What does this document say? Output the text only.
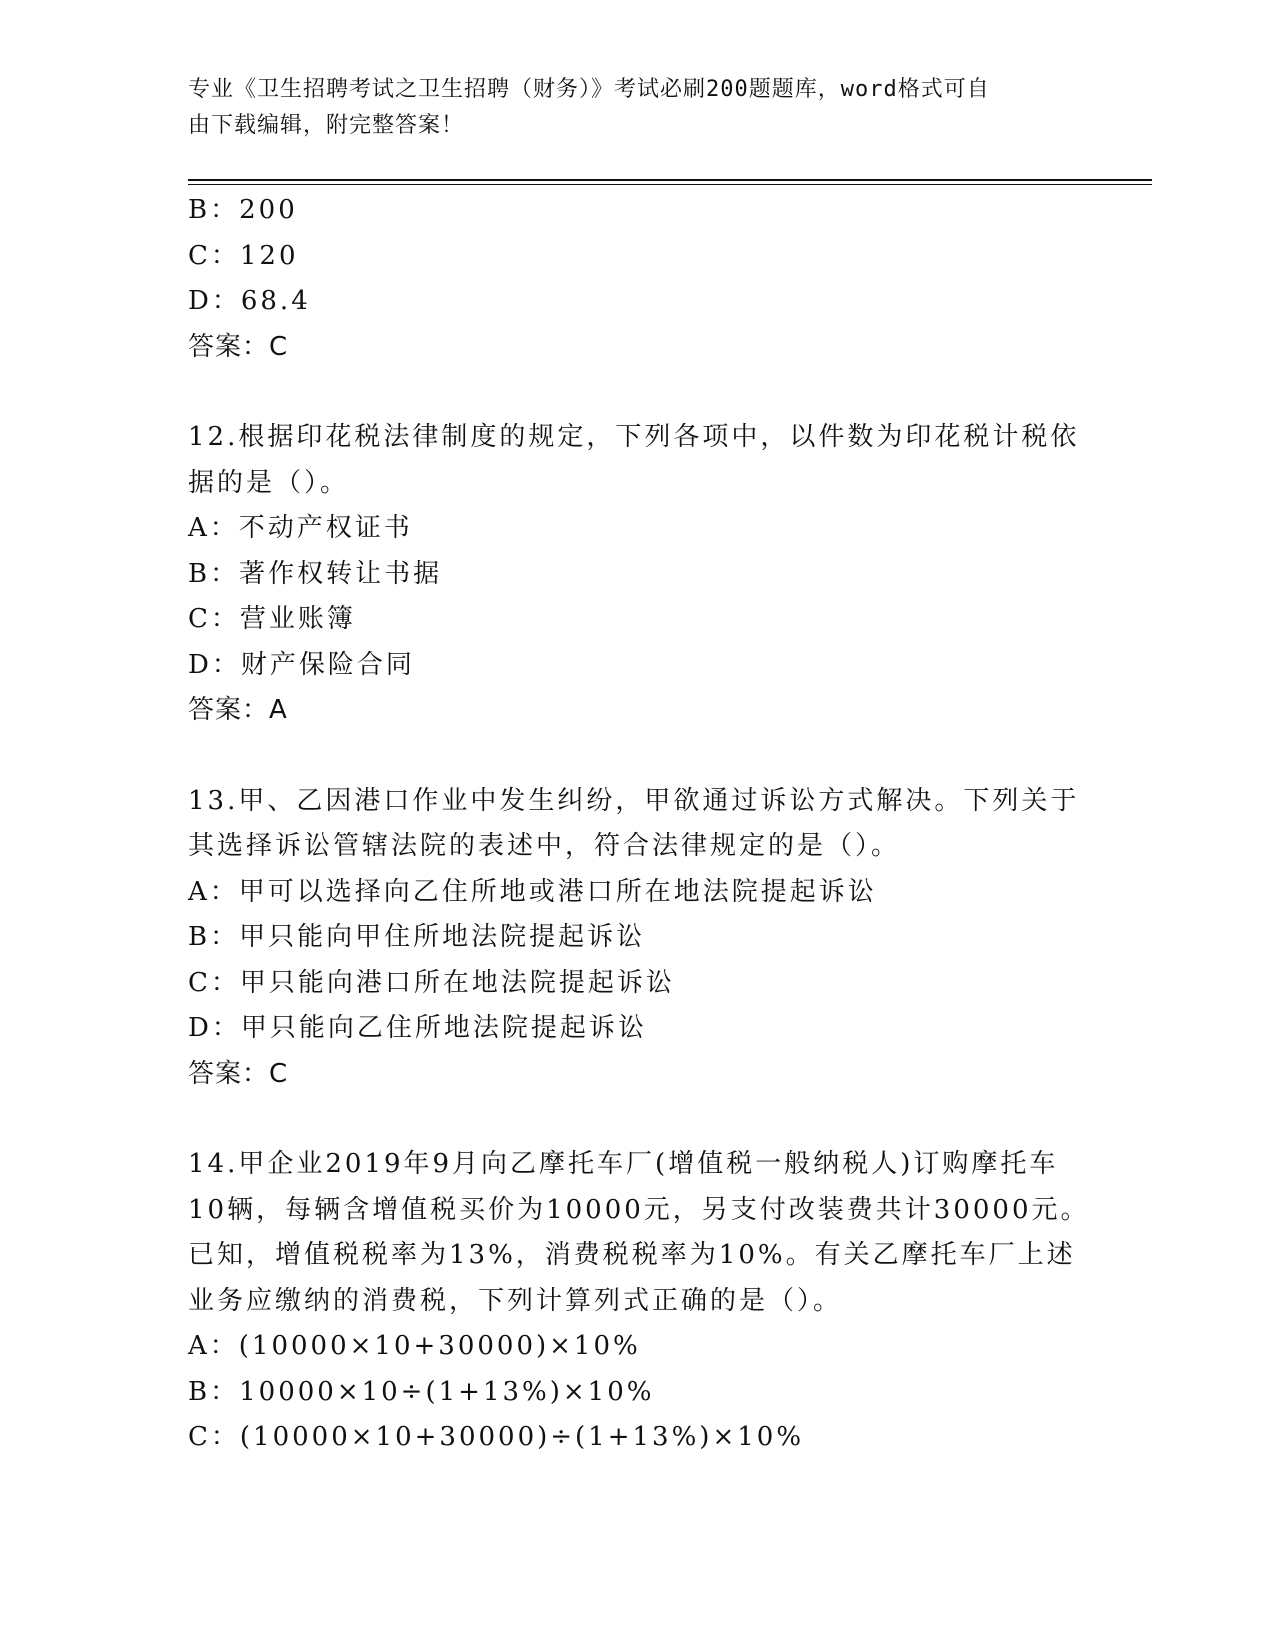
专业《卫生招聘考试之卫生招聘（财务）》考试必刷200题题库，word格式可自
由下载编辑，附完整答案！
B：200
C：120
D：68.4
答案：C
12.根据印花税法律制度的规定，下列各项中，以件数为印花税计税依
据的是（）。
A：不动产权证书
B：著作权转让书据
C：营业账簿
D：财产保险合同
答案：A
13.甲、乙因港口作业中发生纠纷，甲欲通过诉讼方式解决。下列关于
其选择诉讼管辖法院的表述中，符合法律规定的是（）。
A：甲可以选择向乙住所地或港口所在地法院提起诉讼
B：甲只能向甲住所地法院提起诉讼
C：甲只能向港口所在地法院提起诉讼
D：甲只能向乙住所地法院提起诉讼
答案：C
14.甲企业2019年9月向乙摩托车厂(增值税一般纳税人)订购摩托车
10辆，每辆含增值税买价为10000元，另支付改装费共计30000元。
已知，增值税税率为13%，消费税税率为10%。有关乙摩托车厂上述
业务应缴纳的消费税，下列计算列式正确的是（）。
A：(10000×10+30000)×10%
B：10000×10÷(1+13%)×10%
C：(10000×10+30000)÷(1+13%)×10%
